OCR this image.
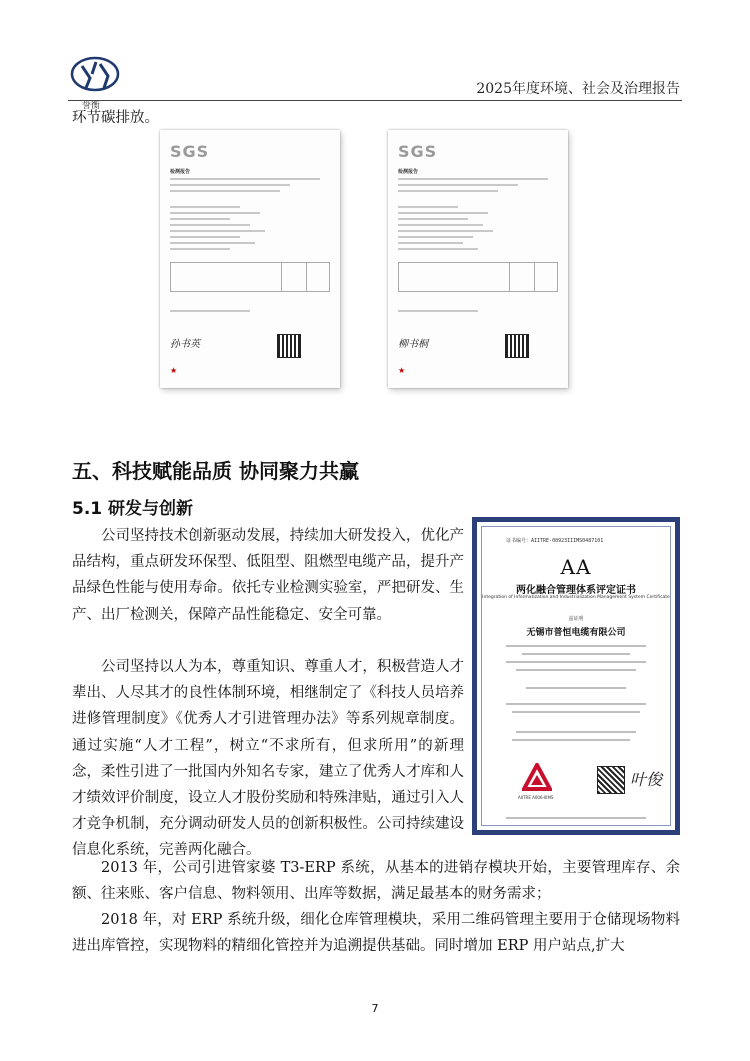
誉衡
2025年度环境、社会及治理报告
环节碳排放。
SGS
检测报告
孙书英
★
SGS
检测报告
柳书桐
★
五、科技赋能品质 协同聚力共赢
5.1 研发与创新
公司坚持技术创新驱动发展，持续加大研发投入，优化产品结构，重点研发环保型、低阻型、阻燃型电缆产品，提升产品绿色性能与使用寿命。依托专业检测实验室，严把研发、生产、出厂检测关，保障产品性能稳定、安全可靠。
公司坚持以人为本，尊重知识、尊重人才，积极营造人才辈出、人尽其才的良性体制环境，相继制定了《科技人员培养进修管理制度》《优秀人才引进管理办法》等系列规章制度。通过实施“人才工程”，树立“不求所有，但求所用”的新理念，柔性引进了一批国内外知名专家，建立了优秀人才库和人才绩效评价制度，设立人才股份奖励和特殊津贴，通过引入人才竞争机制，充分调动研发人员的创新积极性。公司持续建设信息化系统，完善两化融合。
2013 年，公司引进管家婆 T3-ERP 系统，从基本的进销存模块开始，主要管理库存、余额、往来账、客户信息、物料领用、出库等数据，满足最基本的财务需求；
2018 年，对 ERP 系统升级，细化仓库管理模块，采用二维码管理主要用于仓储现场物料进出库管控，实现物料的精细化管控并为追溯提供基础。同时增加 ERP 用户站点,扩大
证书编号：AIITRE-00923IIIMS0487101
AA
两化融合管理体系评定证书
Integration of Informatization and Industrialization Management System Certificate
兹证明
无锡市普恒电缆有限公司
AIITRE A006-IIIMS
叶俊
7
